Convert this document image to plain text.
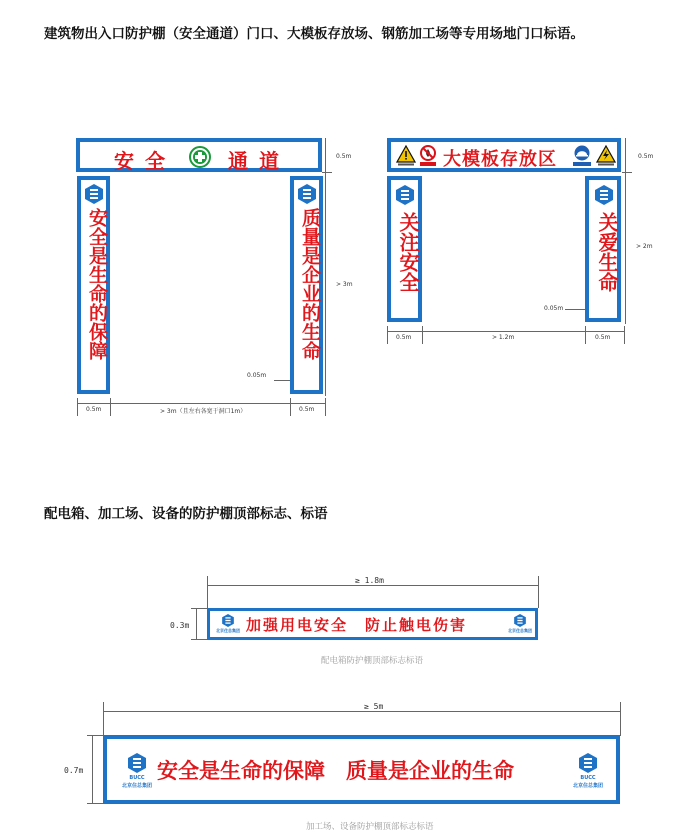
建筑物出入口防护棚（安全通道）门口、大模板存放场、钢筋加工场等专用场地门口标语。
配电箱、加工场、设备的防护棚顶部标志、标语
安 全	通 道
安全是生命的保障	质量是企业的生命
0.5m
> 3m
0.05m
0.5m	> 3m（且左右各宽于洞口1m）	0.5m
大模板存放区
关注安全	关爱生命
0.5m
> 2m
0.05m
0.5m	> 1.2m	0.5m
≥ 1.8m
0.3m
北京住总集团 加强用电安全　防止触电伤害	北京住总集团
配电箱防护棚顶部标志标语
≥ 5m
0.7m
BUCC
北京住总集团
安全是生命的保障　质量是企业的生命	BUCC
北京住总集团
加工场、设备防护棚顶部标志标语
